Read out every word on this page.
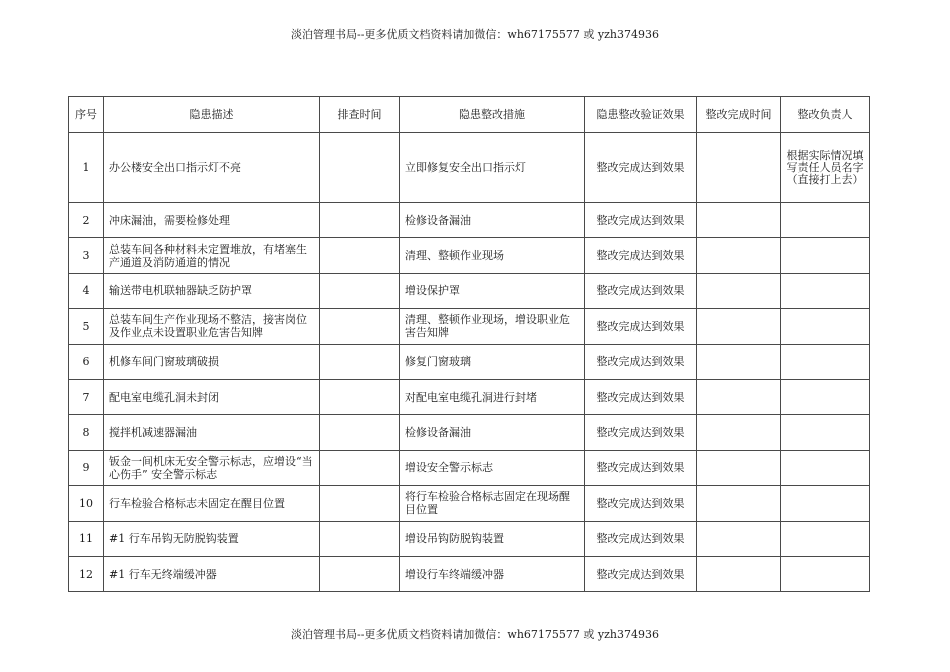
淡泊管理书局--更多优质文档资料请加微信：wh67175577 或 yzh374936
序号	隐患描述	排查时间	隐患整改措施	隐患整改验证效果	整改完成时间	整改负责人
1	办公楼安全出口指示灯不亮		立即修复安全出口指示灯	整改完成达到效果		根据实际情况填写责任人员名字（直接打上去）
2	冲床漏油，需要检修处理		检修设备漏油	整改完成达到效果		
3	总装车间各种材料未定置堆放，有堵塞生产通道及消防通道的情况		清理、整顿作业现场	整改完成达到效果		
4	输送带电机联轴器缺乏防护罩		增设保护罩	整改完成达到效果		
5	总装车间生产作业现场不整洁，接害岗位及作业点未设置职业危害告知牌		清理、整顿作业现场，增设职业危害告知牌	整改完成达到效果		
6	机修车间门窗玻璃破损		修复门窗玻璃	整改完成达到效果		
7	配电室电缆孔洞未封闭		对配电室电缆孔洞进行封堵	整改完成达到效果		
8	搅拌机减速器漏油		检修设备漏油	整改完成达到效果		
9	钣金一间机床无安全警示标志，应增设“当心伤手” 安全警示标志		增设安全警示标志	整改完成达到效果		
10	行车检验合格标志未固定在醒目位置		将行车检验合格标志固定在现场醒目位置	整改完成达到效果		
11	#1 行车吊钩无防脱钩装置		增设吊钩防脱钩装置	整改完成达到效果		
12	#1 行车无终端缓冲器		增设行车终端缓冲器	整改完成达到效果		
淡泊管理书局--更多优质文档资料请加微信：wh67175577 或 yzh374936
